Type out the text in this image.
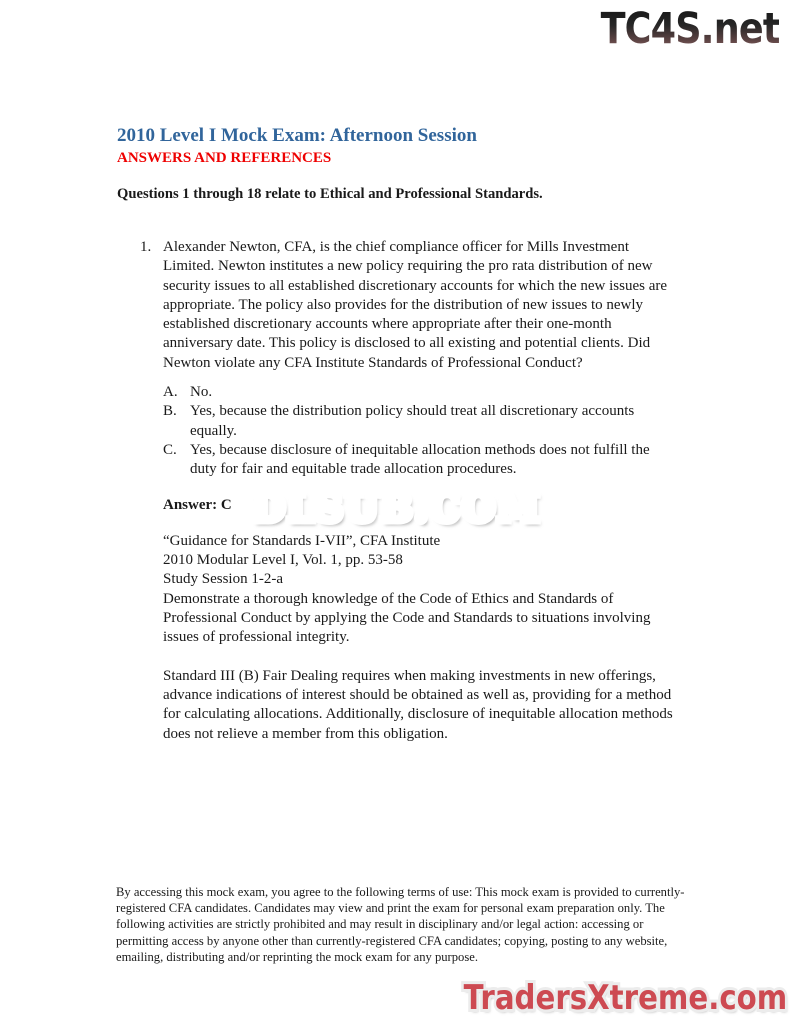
TC4S.net
2010 Level I Mock Exam: Afternoon Session
ANSWERS AND REFERENCES
Questions 1 through 18 relate to Ethical and Professional Standards.
1. Alexander Newton, CFA, is the chief compliance officer for Mills Investment Limited. Newton institutes a new policy requiring the pro rata distribution of new security issues to all established discretionary accounts for which the new issues are appropriate. The policy also provides for the distribution of new issues to newly established discretionary accounts where appropriate after their one-month anniversary date. This policy is disclosed to all existing and potential clients. Did Newton violate any CFA Institute Standards of Professional Conduct?
A. No.
B. Yes, because the distribution policy should treat all discretionary accounts equally.
C. Yes, because disclosure of inequitable allocation methods does not fulfill the duty for fair and equitable trade allocation procedures.
Answer: C
“Guidance for Standards I-VII”, CFA Institute
2010 Modular Level I, Vol. 1, pp. 53-58
Study Session 1-2-a
Demonstrate a thorough knowledge of the Code of Ethics and Standards of Professional Conduct by applying the Code and Standards to situations involving issues of professional integrity.
Standard III (B) Fair Dealing requires when making investments in new offerings, advance indications of interest should be obtained as well as, providing for a method for calculating allocations. Additionally, disclosure of inequitable allocation methods does not relieve a member from this obligation.
DLSUB.COM DLSUB.COM
By accessing this mock exam, you agree to the following terms of use: This mock exam is provided to currently-registered CFA candidates. Candidates may view and print the exam for personal exam preparation only. The following activities are strictly prohibited and may result in disciplinary and/or legal action: accessing or permitting access by anyone other than currently-registered CFA candidates; copying, posting to any website, emailing, distributing and/or reprinting the mock exam for any purpose.
TradersXtreme.com TradersXtreme.com
